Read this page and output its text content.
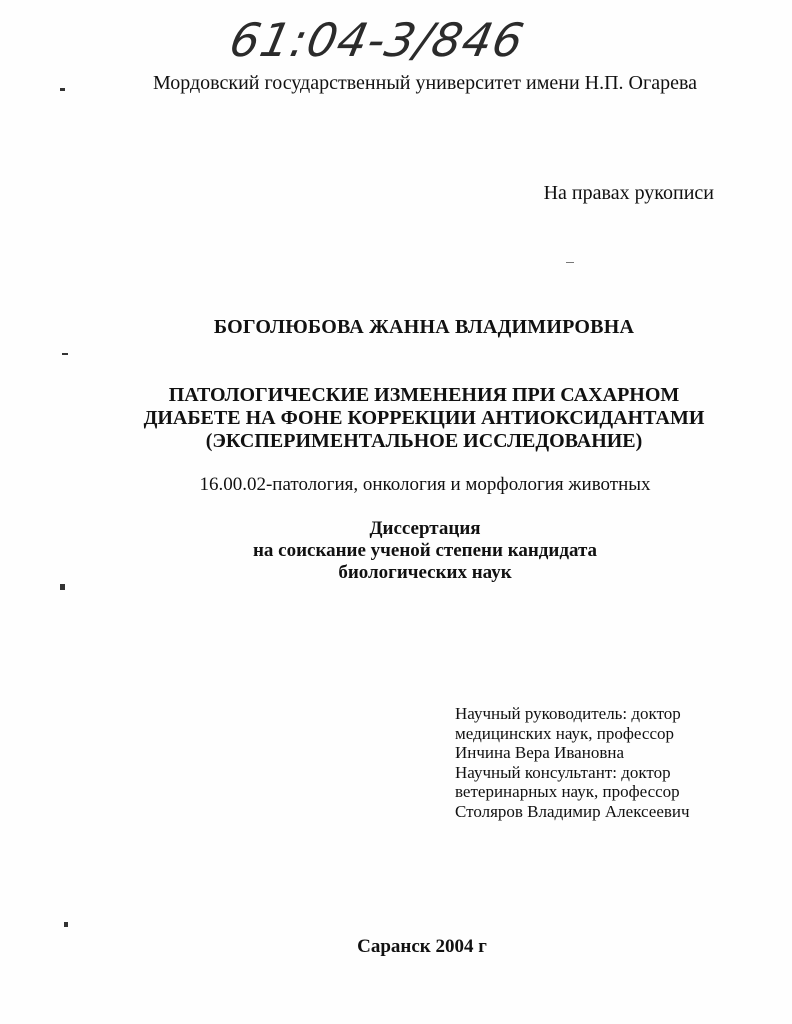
61:04-3/846
Мордовский государственный университет имени Н.П. Огарева
На правах рукописи
БОГОЛЮБОВА ЖАННА ВЛАДИМИРОВНА
ПАТОЛОГИЧЕСКИЕ ИЗМЕНЕНИЯ ПРИ САХАРНОМ
ДИАБЕТЕ НА ФОНЕ КОРРЕКЦИИ АНТИОКСИДАНТАМИ
(ЭКСПЕРИМЕНТАЛЬНОЕ ИССЛЕДОВАНИЕ)
16.00.02-патология, онкология и морфология животных
Диссертация
на соискание ученой степени кандидата
биологических наук
Научный руководитель: доктор
медицинских наук, профессор
Инчина Вера Ивановна
Научный консультант: доктор
ветеринарных наук, профессор
Столяров Владимир Алексеевич
Саранск 2004 г
